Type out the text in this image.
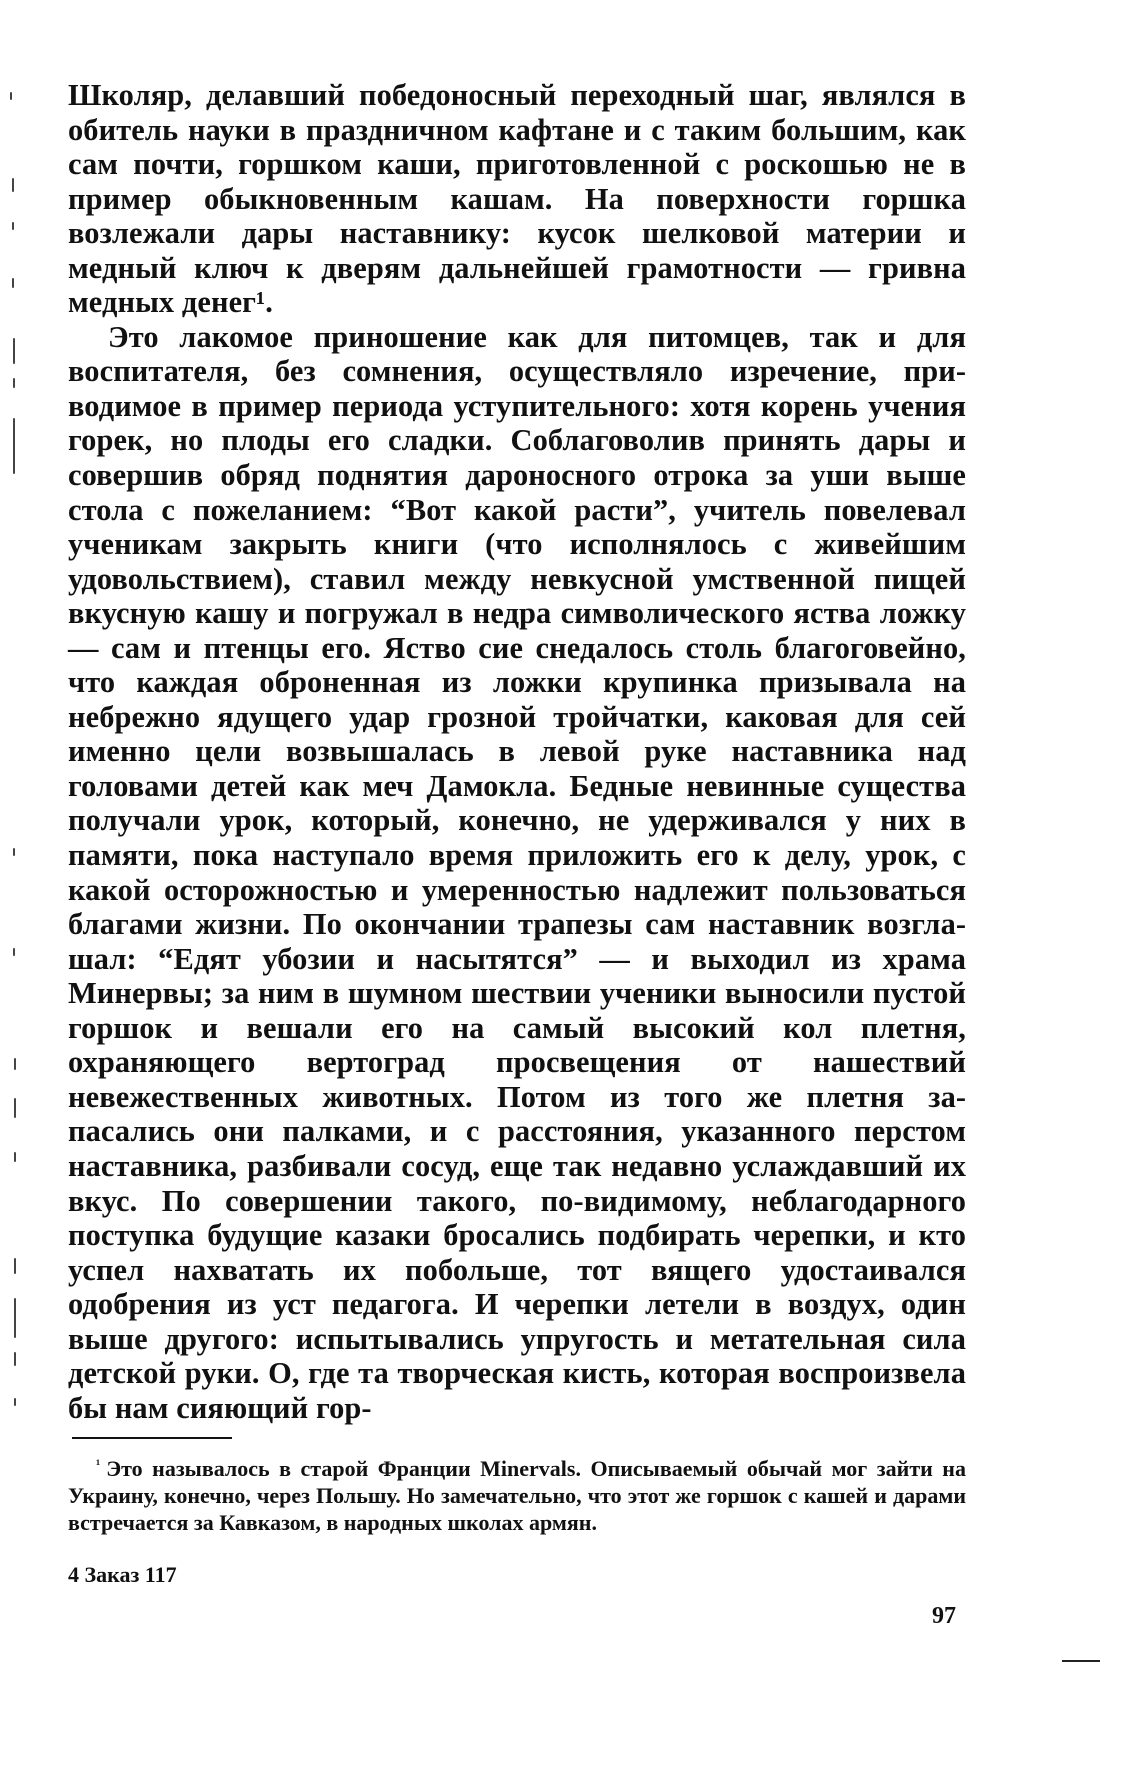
Школяр, делавший победоносный переходный шаг, являлся в обитель науки в праздничном кафтане и с таким большим, как сам почти, горшком каши, приготовленной с роскошью не в пример обыкновенным кашам. На поверхности горшка возлежали дары наставнику: кусок шелковой материи и медный ключ к дверям дальнейшей грамотности — гривна медных денег¹.

Это лакомое приношение как для питомцев, так и для воспитателя, без сомнения, осуществляло изречение, приводимое в пример периода уступительного: хотя корень учения горек, но плоды его сладки. Соблаговолив принять дары и совершив обряд поднятия дароносного отрока за уши выше стола с пожеланием: “Вот какой расти”, учитель повелевал ученикам закрыть книги (что исполнялось с живейшим удовольствием), ставил между невкусной умственной пищей вкусную кашу и погружал в недра символического яства ложку — сам и птенцы его. Яство сие снедалось столь благоговейно, что каждая оброненная из ложки крупинка призывала на небрежно ядущего удар грозной тройчатки, каковая для сей именно цели возвышалась в левой руке наставника над головами детей как меч Дамокла. Бедные невинные существа получали урок, который, конечно, не удерживался у них в памяти, пока наступало время приложить его к делу, урок, с какой осторожностью и умеренностью надлежит пользоваться благами жизни. По окончании трапезы сам наставник возглашал: “Едят убозии и насытятся” — и выходил из храма Минервы; за ним в шумном шествии ученики выносили пустой горшок и вешали его на самый высокий кол плетня, охраняющего вертоград просвещения от нашествий невежественных животных. Потом из того же плетня запасались они палками, и с расстояния, указанного перстом наставника, разбивали сосуд, еще так недавно услаждавший их вкус. По совершении такого, по-видимому, неблагодарного поступка будущие казаки бросались подбирать черепки, и кто успел нахватать их побольше, тот вящего удостаивался одобрения из уст педагога. И черепки летели в воздух, один выше другого: испытывались упругость и метательная сила детской руки. О, где та творческая кисть, которая воспроизвела бы нам сияющий гор-

$^{^1}$ Это называлось в старой Франции Minervals. Описываемый обычай мог зайти на Украину, конечно, через Польшу. Но замечательно, что этот же горшок с кашей и дарами встречается за Кавказом, в народных школах армян.
4 Заказ 117
97
